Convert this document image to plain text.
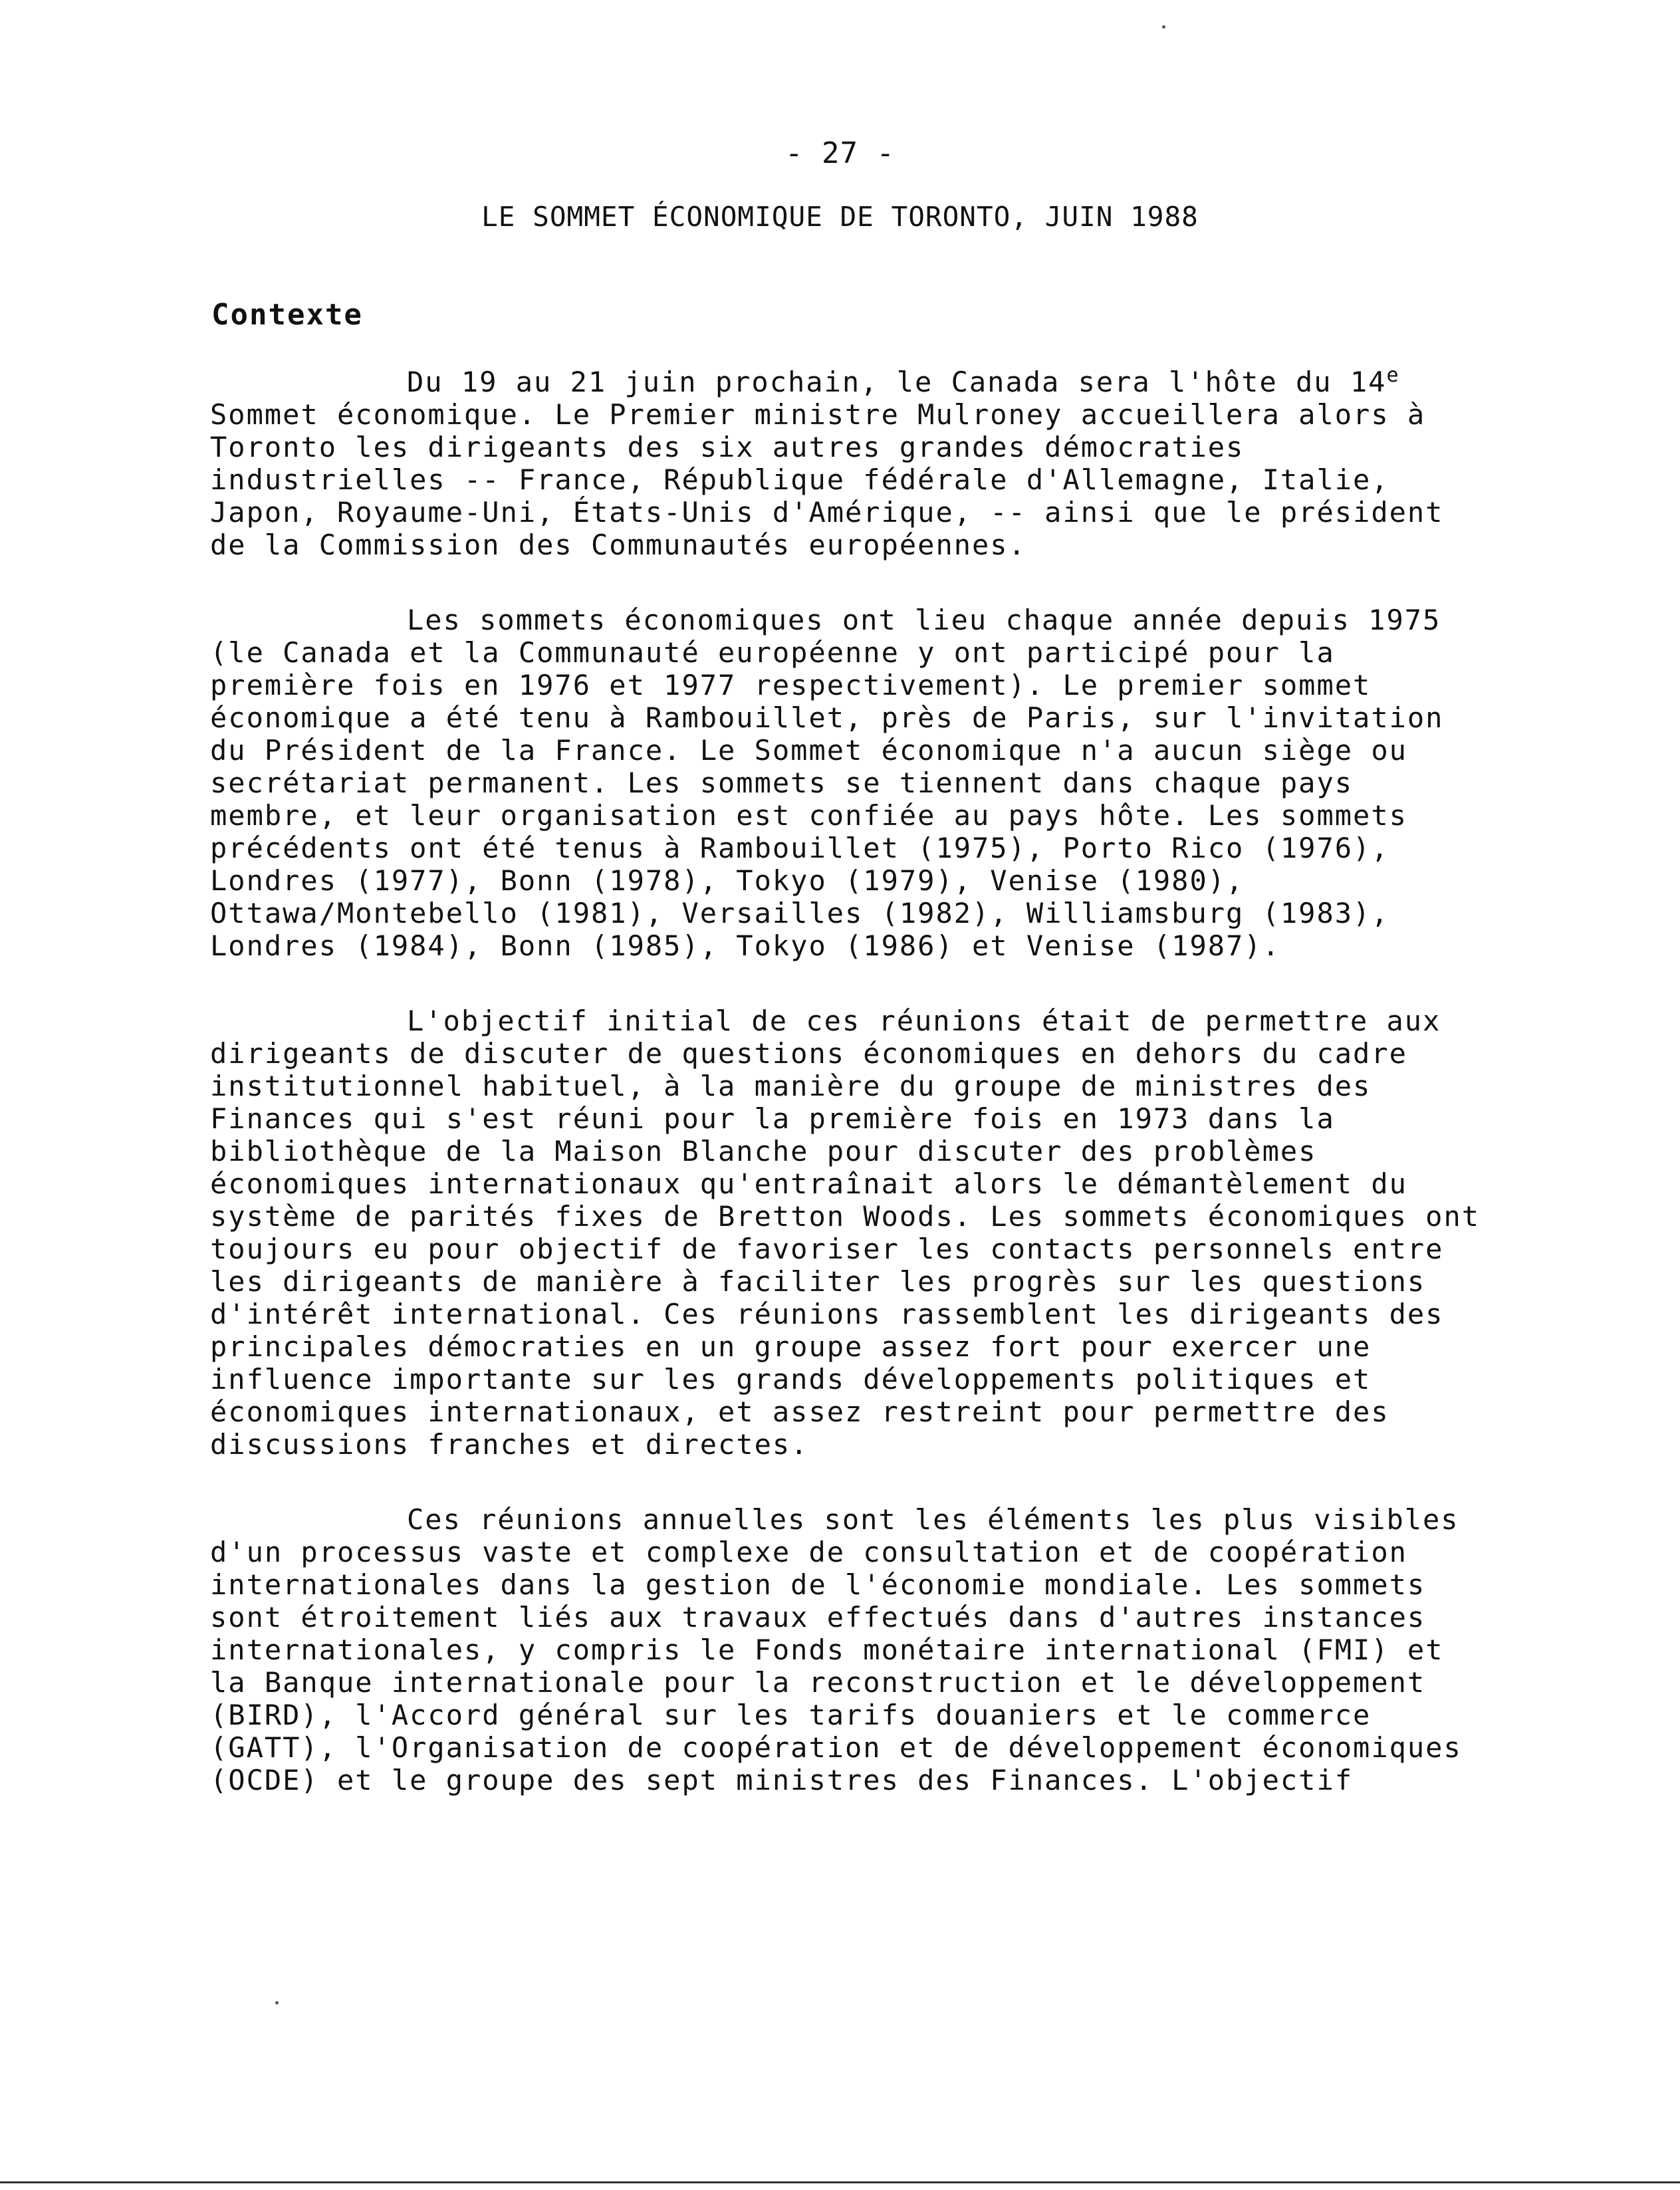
- 27 -
LE SOMMET ÉCONOMIQUE DE TORONTO, JUIN 1988
Contexte

Du 19 au 21 juin prochain, le Canada sera l'hôte du 14e Sommet économique. Le Premier ministre Mulroney accueillera alors à Toronto les dirigeants des six autres grandes démocraties industrielles -- France, République fédérale d'Allemagne, Italie, Japon, Royaume-Uni, États-Unis d'Amérique, -- ainsi que le président de la Commission des Communautés européennes.

Les sommets économiques ont lieu chaque année depuis 1975 (le Canada et la Communauté européenne y ont participé pour la première fois en 1976 et 1977 respectivement). Le premier sommet économique a été tenu à Rambouillet, près de Paris, sur l'invitation du Président de la France. Le Sommet économique n'a aucun siège ou secrétariat permanent. Les sommets se tiennent dans chaque pays membre, et leur organisation est confiée au pays hôte. Les sommets précédents ont été tenus à Rambouillet (1975), Porto Rico (1976), Londres (1977), Bonn (1978), Tokyo (1979), Venise (1980), Ottawa/Montebello (1981), Versailles (1982), Williamsburg (1983), Londres (1984), Bonn (1985), Tokyo (1986) et Venise (1987).

L'objectif initial de ces réunions était de permettre aux dirigeants de discuter de questions économiques en dehors du cadre institutionnel habituel, à la manière du groupe de ministres des Finances qui s'est réuni pour la première fois en 1973 dans la bibliothèque de la Maison Blanche pour discuter des problèmes économiques internationaux qu'entraînait alors le démantèlement du système de parités fixes de Bretton Woods. Les sommets économiques ont toujours eu pour objectif de favoriser les contacts personnels entre les dirigeants de manière à faciliter les progrès sur les questions d'intérêt international. Ces réunions rassemblent les dirigeants des principales démocraties en un groupe assez fort pour exercer une influence importante sur les grands développements politiques et économiques internationaux, et assez restreint pour permettre des discussions franches et directes.

Ces réunions annuelles sont les éléments les plus visibles d'un processus vaste et complexe de consultation et de coopération internationales dans la gestion de l'économie mondiale. Les sommets sont étroitement liés aux travaux effectués dans d'autres instances internationales, y compris le Fonds monétaire international (FMI) et la Banque internationale pour la reconstruction et le développement (BIRD), l'Accord général sur les tarifs douaniers et le commerce (GATT), l'Organisation de coopération et de développement économiques (OCDE) et le groupe des sept ministres des Finances. L'objectif
